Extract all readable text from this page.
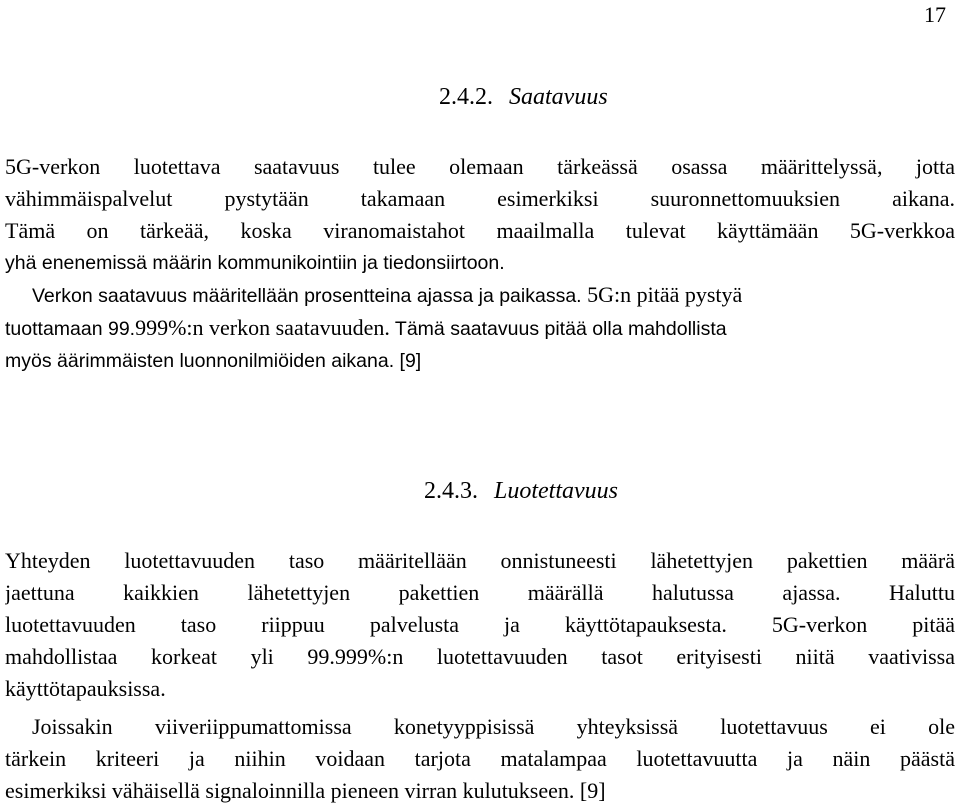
17
2.4.2. Saatavuus
5G-verkon luotettava saatavuus tulee olemaan tärkeässä osassa määrittelyssä, jotta
vähimmäispalvelut pystytään takamaan esimerkiksi suuronnettomuuksien aikana.
Tämä on tärkeää, koska viranomaistahot maailmalla tulevat käyttämään 5G-verkkoa
yhä enenemissä määrin kommunikointiin ja tiedonsiirtoon.
Verkon saatavuus määritellään prosentteina ajassa ja paikassa. 5G:n pitää pystyä
tuottamaan 99.999%:n verkon saatavuuden. Tämä saatavuus pitää olla mahdollista
myös äärimmäisten luonnonilmiöiden aikana. [9]
2.4.3. Luotettavuus
Yhteyden luotettavuuden taso määritellään onnistuneesti lähetettyjen pakettien määrä
jaettuna kaikkien lähetettyjen pakettien määrällä halutussa ajassa. Haluttu
luotettavuuden taso riippuu palvelusta ja käyttötapauksesta. 5G-verkon pitää
mahdollistaa korkeat yli 99.999%:n luotettavuuden tasot erityisesti niitä vaativissa
käyttötapauksissa.
Joissakin viiveriippumattomissa konetyyppisissä yhteyksissä luotettavuus ei ole
tärkein kriteeri ja niihin voidaan tarjota matalampaa luotettavuutta ja näin päästä
esimerkiksi vähäisellä signaloinnilla pieneen virran kulutukseen. [9]
